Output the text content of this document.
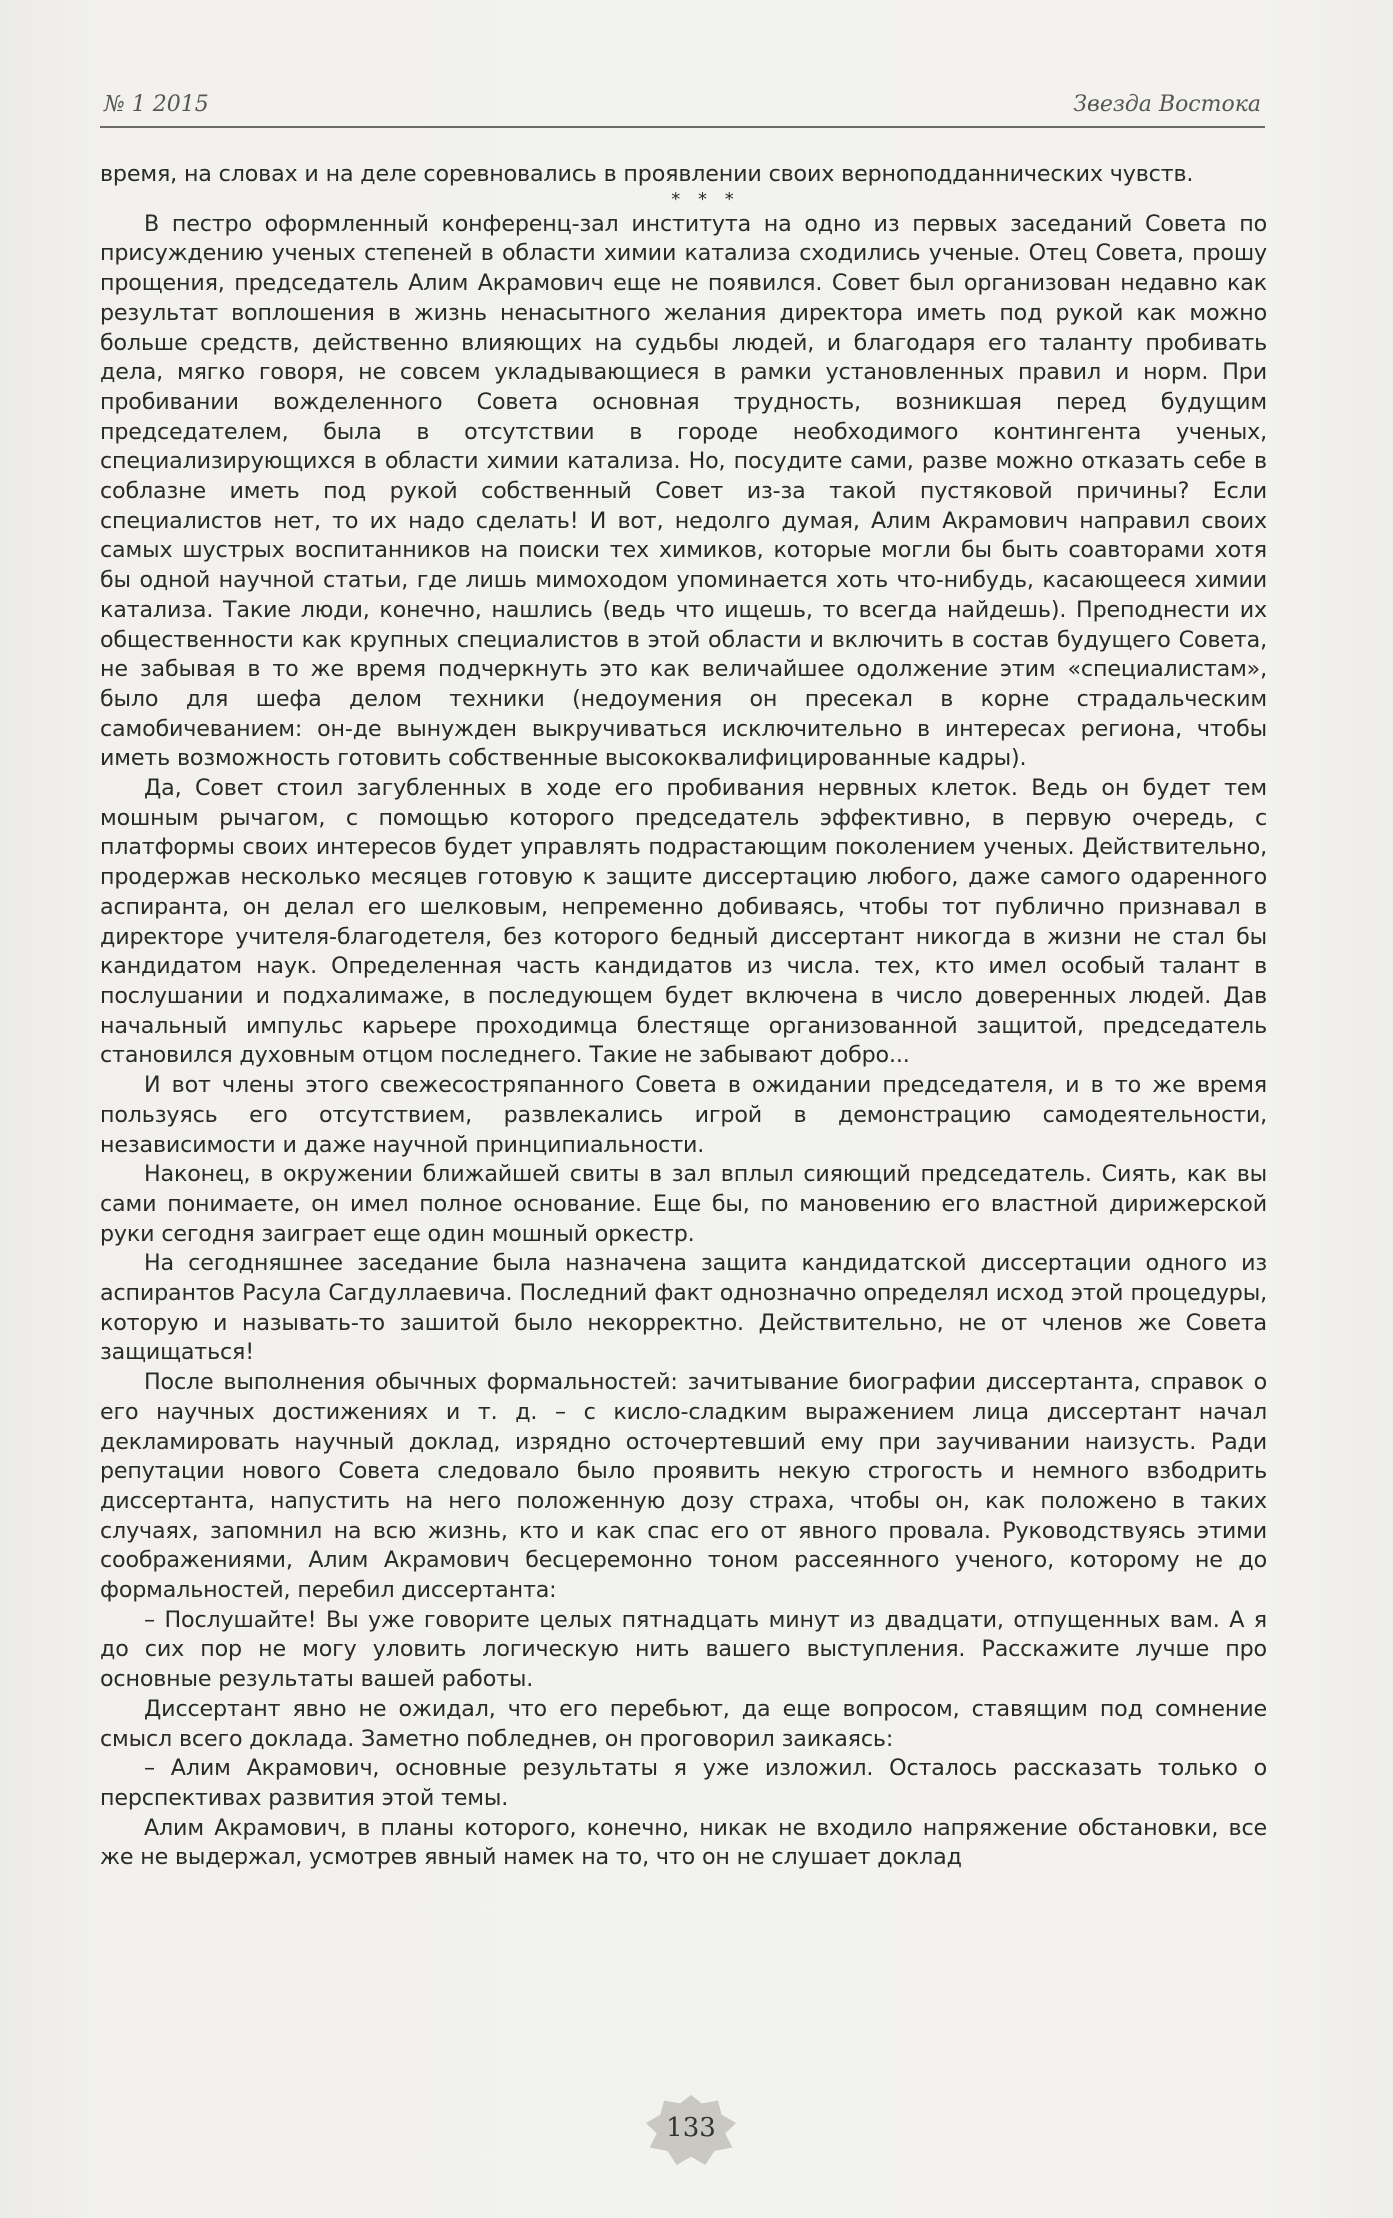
№ 1 2015	Звезда Востока

время, на словах и на деле соревновались в проявлении своих верноподданнических чувств.

* * *

В пестро оформленный конференц-зал института на одно из первых заседаний Совета по присуждению ученых степеней в области химии катализа сходились ученые. Отец Совета, прошу прощения, председатель Алим Акрамович еще не появился. Совет был организован недавно как результат воплошения в жизнь ненасытного желания директора иметь под рукой как можно больше средств, действенно влияющих на судьбы людей, и благодаря его таланту пробивать дела, мягко говоря, не совсем укладывающиеся в рамки установленных правил и норм. При пробивании вожделенного Совета основная трудность, возникшая перед будущим председателем, была в отсутствии в городе необходимого контингента ученых, специализирующихся в области химии катализа. Но, посудите сами, разве можно отказать себе в соблазне иметь под рукой собственный Совет из-за такой пустяковой причины? Если специалистов нет, то их надо сделать! И вот, недолго думая, Алим Акрамович направил своих самых шустрых воспитанников на поиски тех химиков, которые могли бы быть соавторами хотя бы одной научной статьи, где лишь мимоходом упоминается хоть что-нибудь, касающееся химии катализа. Такие люди, конечно, нашлись (ведь что ищешь, то всегда найдешь). Преподнести их общественности как крупных специалистов в этой области и включить в состав будущего Совета, не забывая в то же время подчеркнуть это как величайшее одолжение этим «специалистам», было для шефа делом техники (недоумения он пресекал в корне страдальческим самобичеванием: он-де вынужден выкручиваться исключительно в интересах региона, чтобы иметь возможность готовить собственные высококвалифицированные кадры).

Да, Совет стоил загубленных в ходе его пробивания нервных клеток. Ведь он будет тем мошным рычагом, с помощью которого председатель эффективно, в первую очередь, с платформы своих интересов будет управлять подрастающим поколением ученых. Действительно, продержав несколько месяцев готовую к защите диссертацию любого, даже самого одаренного аспиранта, он делал его шелковым, непременно добиваясь, чтобы тот публично признавал в директоре учителя-благодетеля, без которого бедный диссертант никогда в жизни не стал бы кандидатом наук. Определенная часть кандидатов из числа. тех, кто имел особый талант в послушании и подхалимаже, в последующем будет включена в число доверенных людей. Дав начальный импульс карьере проходимца блестяще организованной защитой, председатель становился духовным отцом последнего. Такие не забывают добро...

И вот члены этого свежесостряпанного Совета в ожидании председателя, и в то же время пользуясь его отсутствием, развлекались игрой в демонстрацию самодеятельности, независимости и даже научной принципиальности.

Наконец, в окружении ближайшей свиты в зал вплыл сияющий председатель. Сиять, как вы сами понимаете, он имел полное основание. Еще бы, по мановению его властной дирижерской руки сегодня заиграет еще один мошный оркестр.

На сегодняшнее заседание была назначена защита кандидатской диссертации одного из аспирантов Расула Сагдуллаевича. Последний факт однозначно определял исход этой процедуры, которую и называть-то зашитой было некорректно. Действительно, не от членов же Совета защищаться!

После выполнения обычных формальностей: зачитывание биографии диссертанта, справок о его научных достижениях и т. д. – с кисло-сладким выражением лица диссертант начал декламировать научный доклад, изрядно осточертевший ему при заучивании наизусть. Ради репутации нового Совета следовало было проявить некую строгость и немного взбодрить диссертанта, напустить на него положенную дозу страха, чтобы он, как положено в таких случаях, запомнил на всю жизнь, кто и как спас его от явного провала. Руководствуясь этими соображениями, Алим Акрамович бесцеремонно тоном рассеянного ученого, которому не до формальностей, перебил диссертанта:

– Послушайте! Вы уже говорите целых пятнадцать минут из двадцати, отпущенных вам. А я до сих пор не могу уловить логическую нить вашего выступления. Расскажите лучше про основные результаты вашей работы.

Диссертант явно не ожидал, что его перебьют, да еще вопросом, ставящим под сомнение смысл всего доклада. Заметно побледнев, он проговорил заикаясь:

– Алим Акрамович, основные результаты я уже изложил. Осталось рассказать только о перспективах развития этой темы.

Алим Акрамович, в планы которого, конечно, никак не входило напряжение обстановки, все же не выдержал, усмотрев явный намек на то, что он не слушает доклад

133
